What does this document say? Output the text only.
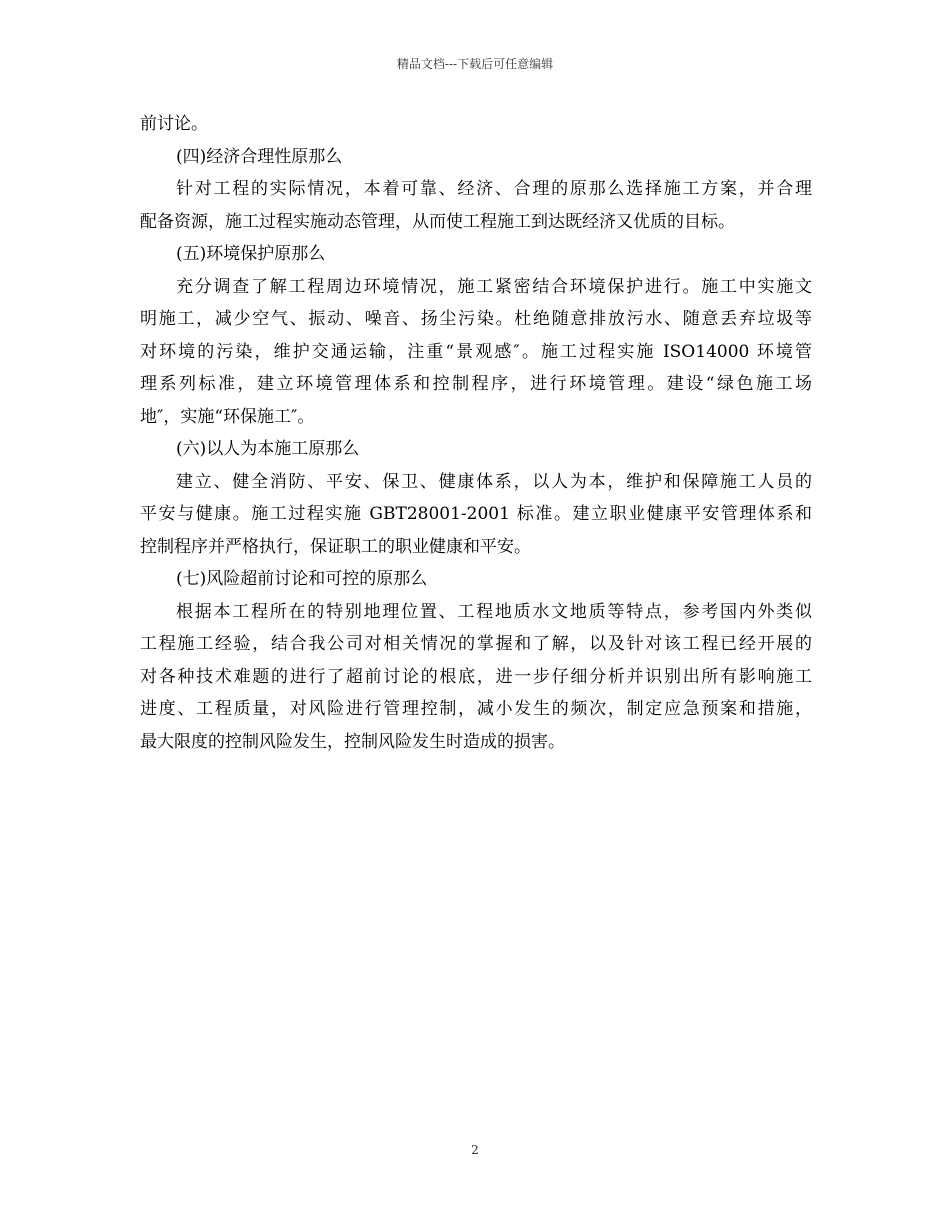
精品文档---下载后可任意编辑
前讨论。
(四)经济合理性原那么
针对工程的实际情况，本着可靠、经济、合理的原那么选择施工方案，并合理
配备资源，施工过程实施动态管理，从而使工程施工到达既经济又优质的目标。
(五)环境保护原那么
充分调查了解工程周边环境情况，施工紧密结合环境保护进行。施工中实施文
明施工，减少空气、振动、噪音、扬尘污染。杜绝随意排放污水、随意丢弃垃圾等
对环境的污染，维护交通运输，注重“景观感″。施工过程实施 ISO14000 环境管
理系列标准，建立环境管理体系和控制程序，进行环境管理。建设“绿色施工场
地″，实施“环保施工″。
(六)以人为本施工原那么
建立、健全消防、平安、保卫、健康体系，以人为本，维护和保障施工人员的
平安与健康。施工过程实施 GBT28001-2001 标准。建立职业健康平安管理体系和
控制程序并严格执行，保证职工的职业健康和平安。
(七)风险超前讨论和可控的原那么
根据本工程所在的特别地理位置、工程地质水文地质等特点，参考国内外类似
工程施工经验，结合我公司对相关情况的掌握和了解，以及针对该工程已经开展的
对各种技术难题的进行了超前讨论的根底，进一步仔细分析并识别出所有影响施工
进度、工程质量，对风险进行管理控制，减小发生的频次，制定应急预案和措施，
最大限度的控制风险发生，控制风险发生时造成的损害。
2
